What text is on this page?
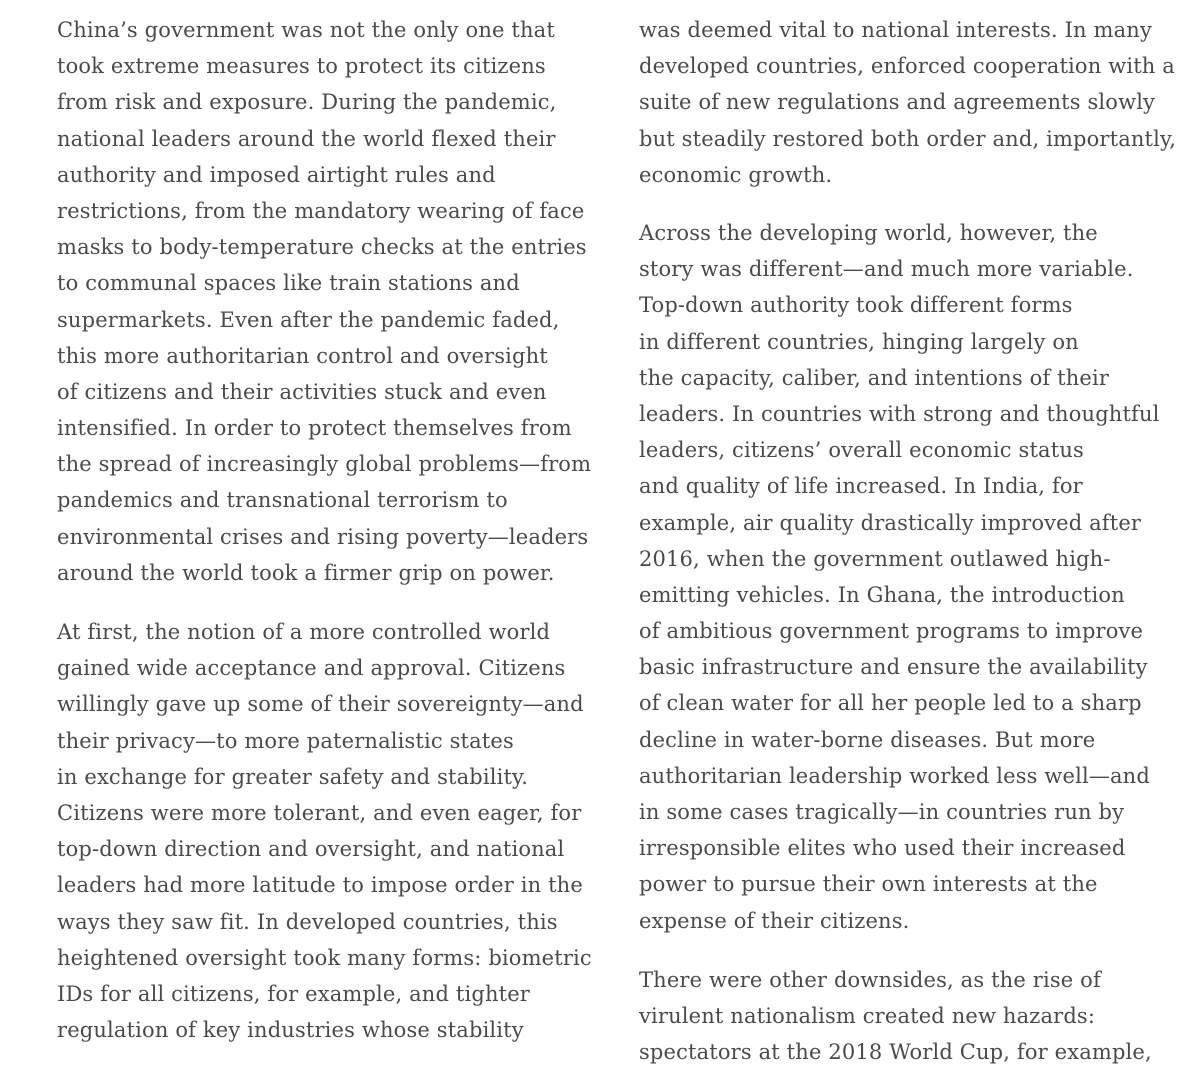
China’s government was not the only one that
took extreme measures to protect its citizens
from risk and exposure. During the pandemic,
national leaders around the world flexed their
authority and imposed airtight rules and
restrictions, from the mandatory wearing of face
masks to body-temperature checks at the entries
to communal spaces like train stations and
supermarkets. Even after the pandemic faded,
this more authoritarian control and oversight
of citizens and their activities stuck and even
intensified. In order to protect themselves from
the spread of increasingly global problems—from
pandemics and transnational terrorism to
environmental crises and rising poverty—leaders
around the world took a firmer grip on power.

At first, the notion of a more controlled world
gained wide acceptance and approval. Citizens
willingly gave up some of their sovereignty—and
their privacy—to more paternalistic states
in exchange for greater safety and stability.
Citizens were more tolerant, and even eager, for
top-down direction and oversight, and national
leaders had more latitude to impose order in the
ways they saw fit. In developed countries, this
heightened oversight took many forms: biometric
IDs for all citizens, for example, and tighter
regulation of key industries whose stability

was deemed vital to national interests. In many
developed countries, enforced cooperation with a
suite of new regulations and agreements slowly
but steadily restored both order and, importantly,
economic growth.

Across the developing world, however, the
story was different—and much more variable.
Top-down authority took different forms
in different countries, hinging largely on
the capacity, caliber, and intentions of their
leaders. In countries with strong and thoughtful
leaders, citizens’ overall economic status
and quality of life increased. In India, for
example, air quality drastically improved after
2016, when the government outlawed high-
emitting vehicles. In Ghana, the introduction
of ambitious government programs to improve
basic infrastructure and ensure the availability
of clean water for all her people led to a sharp
decline in water-borne diseases. But more
authoritarian leadership worked less well—and
in some cases tragically—in countries run by
irresponsible elites who used their increased
power to pursue their own interests at the
expense of their citizens.

There were other downsides, as the rise of
virulent nationalism created new hazards:
spectators at the 2018 World Cup, for example,
